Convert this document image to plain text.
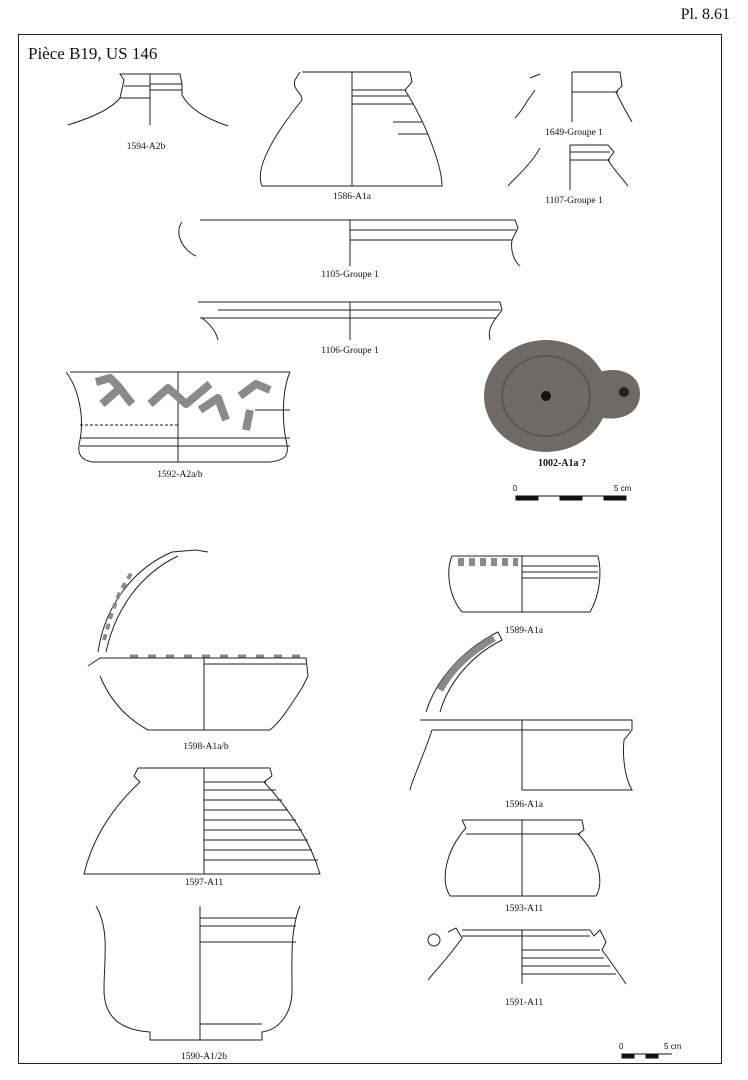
Pl. 8.61
Pièce B19, US 146
1594-A2b
1586-A1a
1649-Groupe 1
1107-Groupe 1
1105-Groupe 1
1106-Groupe 1
1592-A2a/b
1002-A1a ?
1598-A1a/b
1589-A1a
1596-A1a
1597-A11
1593-A11
1591-A11
1590-A1/2b
0	5 cm
0	5 cm
